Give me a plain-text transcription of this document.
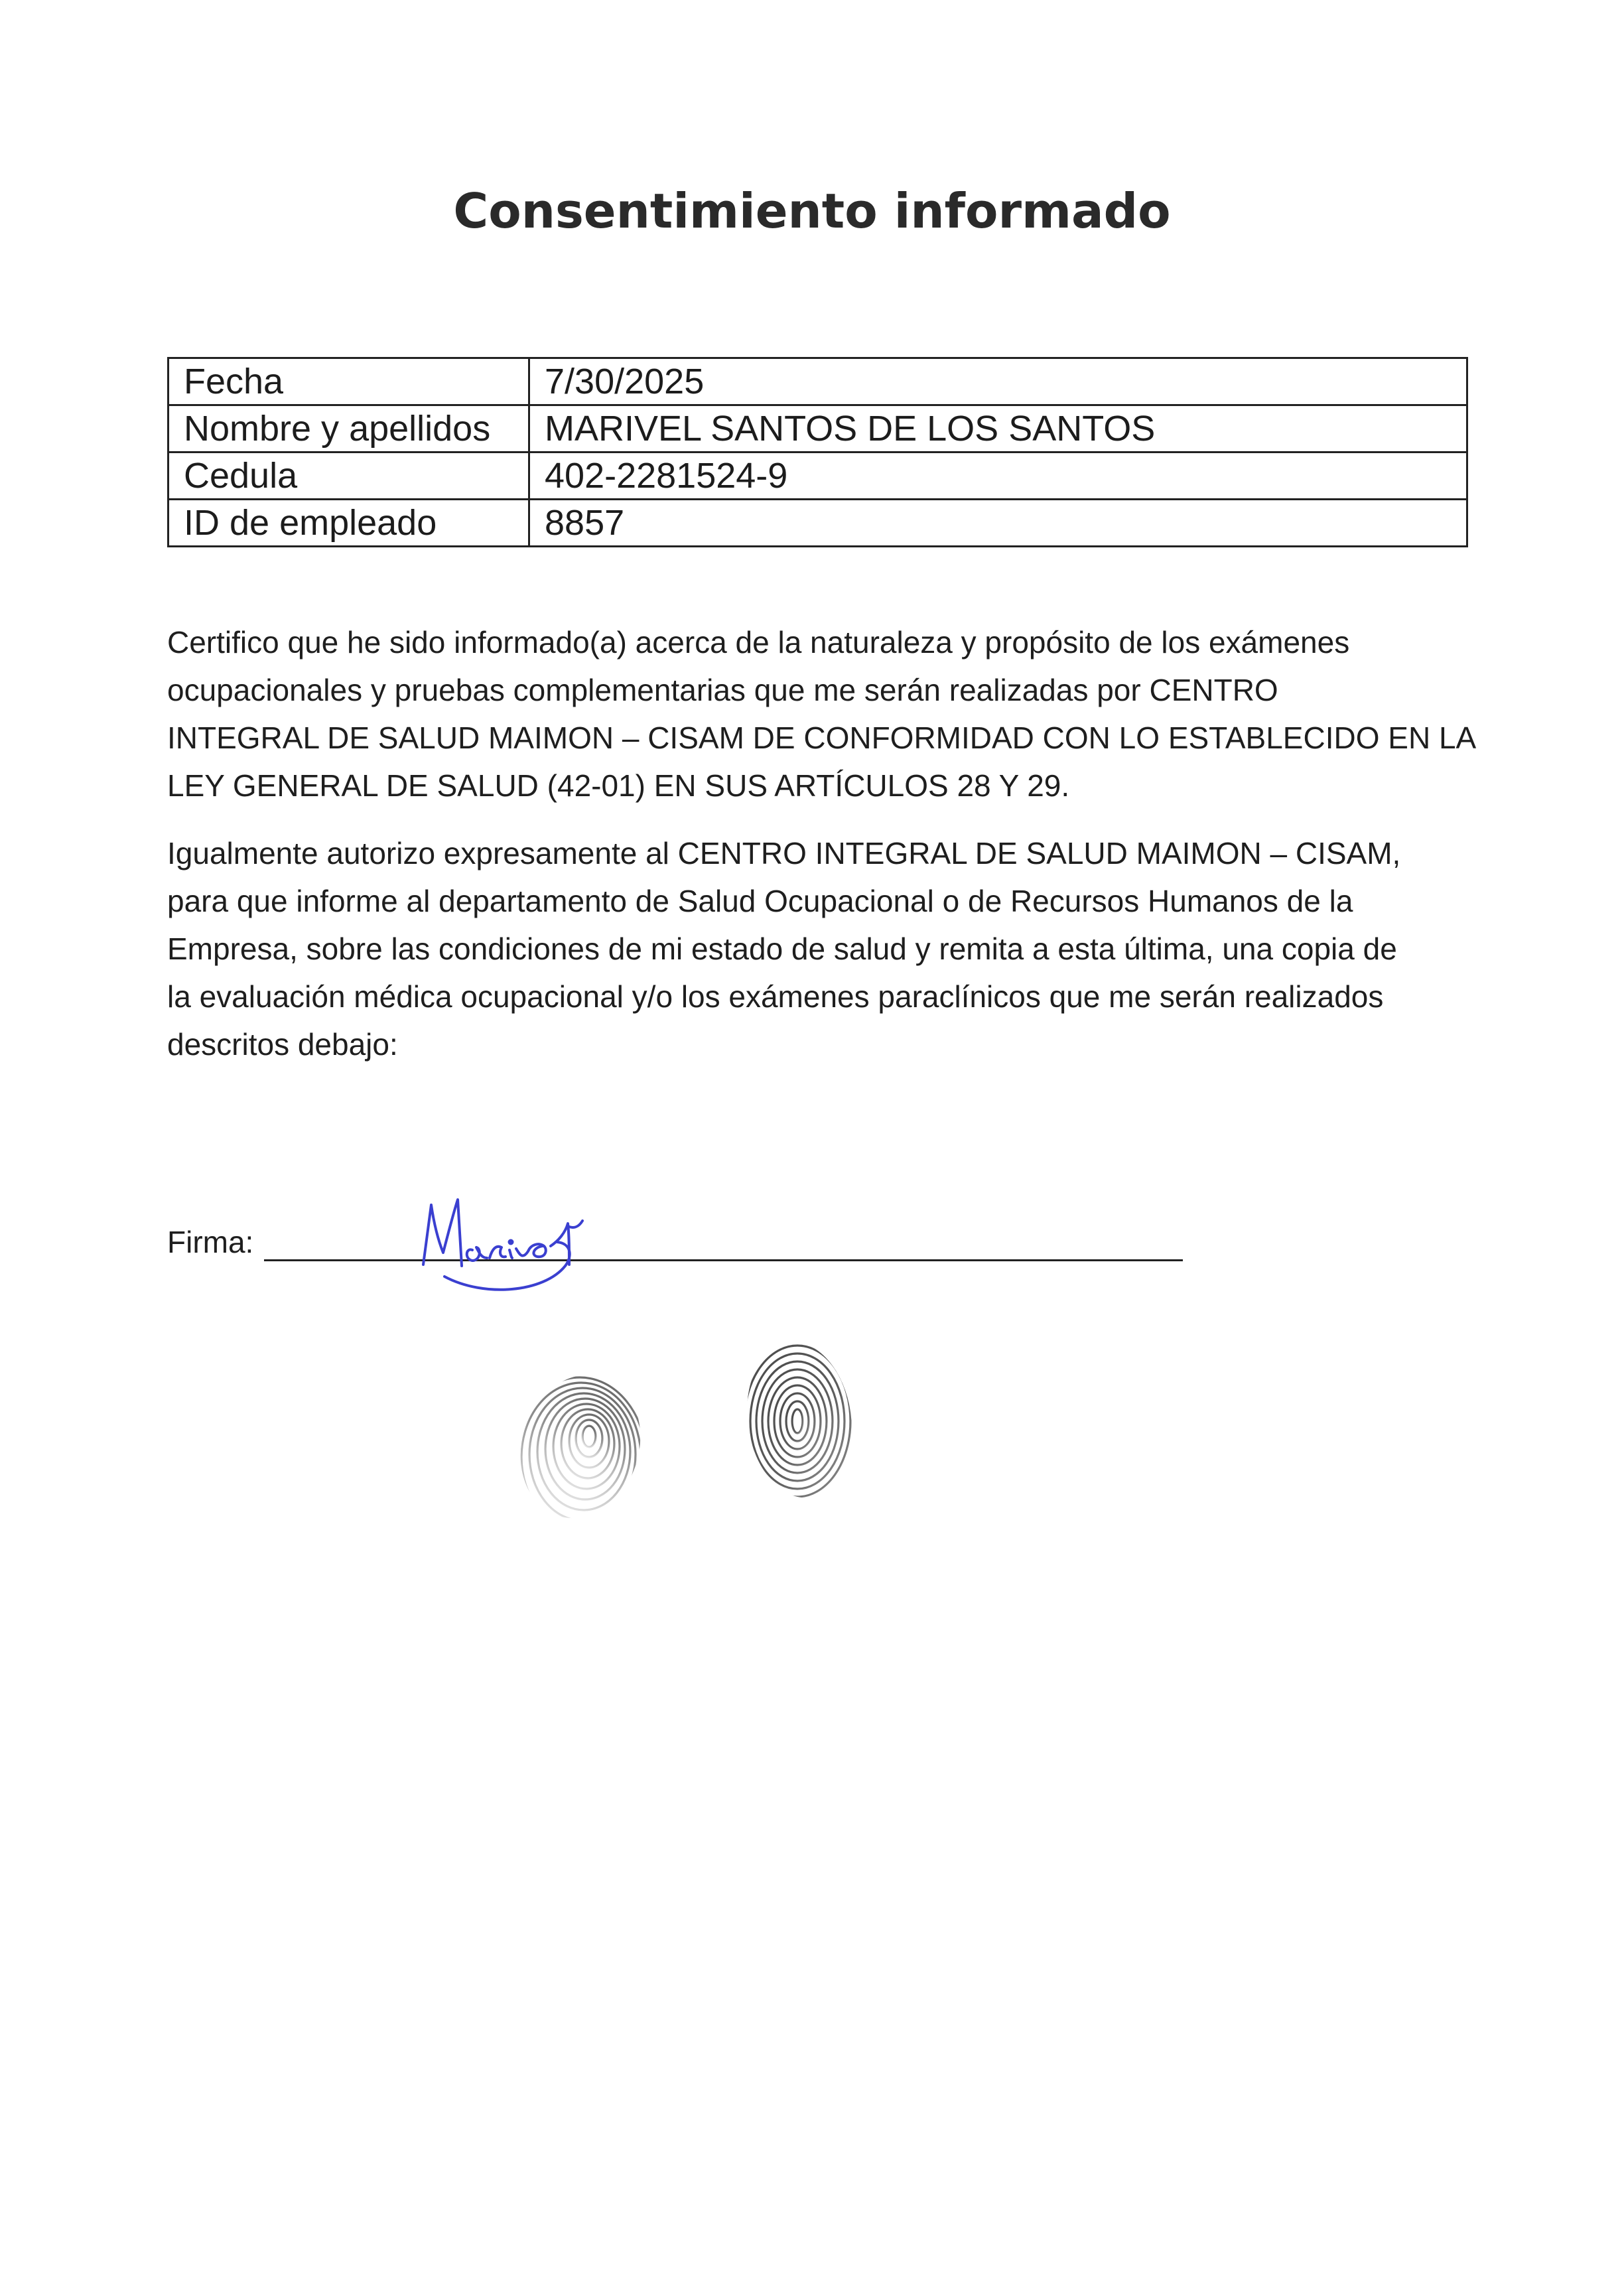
Consentimiento informado
Fecha	7/30/2025
Nombre y apellidos	MARIVEL SANTOS DE LOS SANTOS
Cedula	402-2281524-9
ID de empleado	8857
Certifico que he sido informado(a) acerca de la naturaleza y propósito de los exámenes
ocupacionales y pruebas complementarias que me serán realizadas por CENTRO
INTEGRAL DE SALUD MAIMON – CISAM DE CONFORMIDAD CON LO ESTABLECIDO EN LA
LEY GENERAL DE SALUD (42-01) EN SUS ARTÍCULOS 28 Y 29.
Igualmente autorizo expresamente al CENTRO INTEGRAL DE SALUD MAIMON – CISAM,
para que informe al departamento de Salud Ocupacional o de Recursos Humanos de la
Empresa, sobre las condiciones de mi estado de salud y remita a esta última, una copia de
la evaluación médica ocupacional y/o los exámenes paraclínicos que me serán realizados
descritos debajo:
Firma:
